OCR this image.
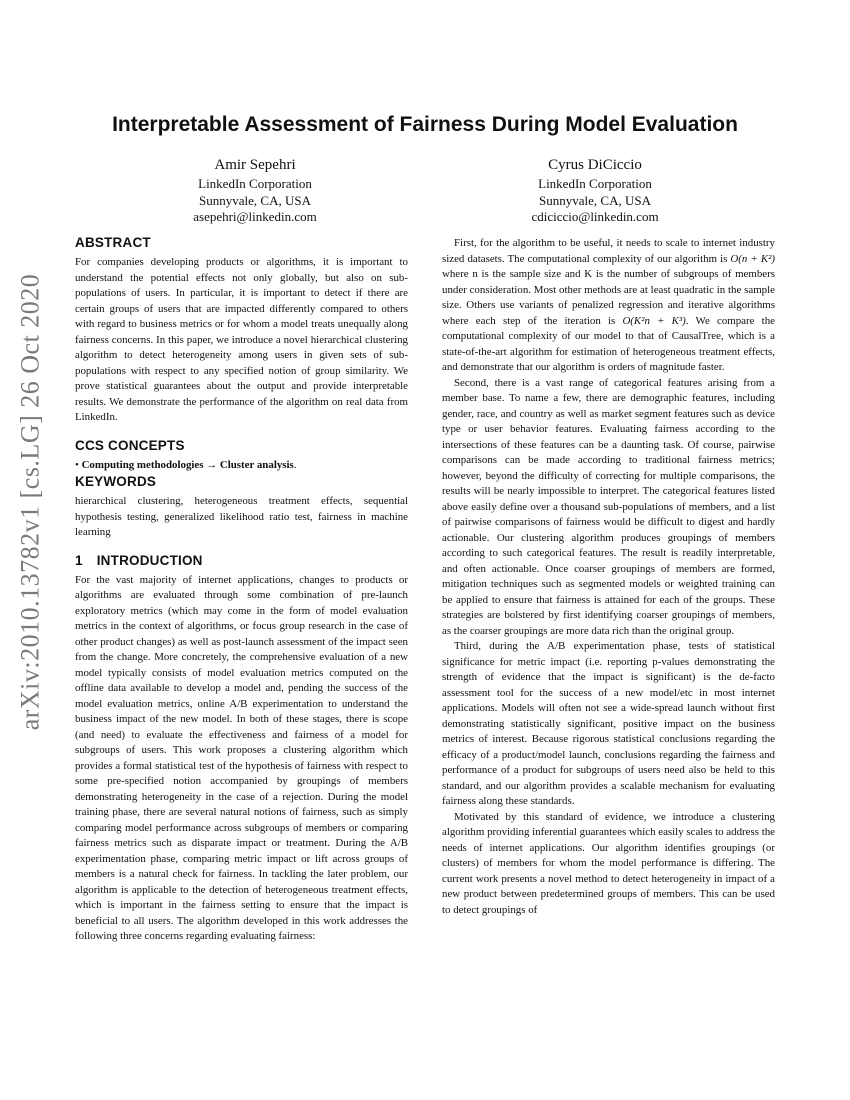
arXiv:2010.13782v1 [cs.LG] 26 Oct 2020
Interpretable Assessment of Fairness During Model Evaluation
Amir Sepehri
LinkedIn Corporation
Sunnyvale, CA, USA
asepehri@linkedin.com
Cyrus DiCiccio
LinkedIn Corporation
Sunnyvale, CA, USA
cdiciccio@linkedin.com
ABSTRACT

For companies developing products or algorithms, it is important to understand the potential effects not only globally, but also on sub-populations of users. In particular, it is important to detect if there are certain groups of users that are impacted differently compared to others with regard to business metrics or for whom a model treats unequally along fairness concerns. In this paper, we introduce a novel hierarchical clustering algorithm to detect heterogeneity among users in given sets of sub-populations with respect to any specified notion of group similarity. We prove statistical guarantees about the output and provide interpretable results. We demonstrate the performance of the algorithm on real data from LinkedIn.

CCS CONCEPTS

• Computing methodologies → Cluster analysis.

KEYWORDS

hierarchical clustering, heterogeneous treatment effects, sequential hypothesis testing, generalized likelihood ratio test, fairness in machine learning

1 INTRODUCTION

For the vast majority of internet applications, changes to products or algorithms are evaluated through some combination of pre-launch exploratory metrics (which may come in the form of model evaluation metrics in the context of algorithms, or focus group research in the case of other product changes) as well as post-launch assessment of the impact seen from the change. More concretely, the comprehensive evaluation of a new model typically consists of model evaluation metrics computed on the offline data available to develop a model and, pending the success of the model evaluation metrics, online A/B experimentation to understand the business impact of the new model. In both of these stages, there is scope (and need) to evaluate the effectiveness and fairness of a model for subgroups of users. This work proposes a clustering algorithm which provides a formal statistical test of the hypothesis of fairness with respect to some pre-specified notion accompanied by groupings of members demonstrating heterogeneity in the case of a rejection. During the model training phase, there are several natural notions of fairness, such as simply comparing model performance across subgroups of members or comparing fairness metrics such as disparate impact or treatment. During the A/B experimentation phase, comparing metric impact or lift across groups of members is a natural check for fairness. In tackling the later problem, our algorithm is applicable to the detection of heterogeneous treatment effects, which is important in the fairness setting to ensure that the impact is beneficial to all users. The algorithm developed in this work addresses the following three concerns regarding evaluating fairness:

First, for the algorithm to be useful, it needs to scale to internet industry sized datasets. The computational complexity of our algorithm is O(n + K²) where n is the sample size and K is the number of subgroups of members under consideration. Most other methods are at least quadratic in the sample size. Others use variants of penalized regression and iterative algorithms where each step of the iteration is O(K²n + K³). We compare the computational complexity of our model to that of CausalTree, which is a state-of-the-art algorithm for estimation of heterogeneous treatment effects, and demonstrate that our algorithm is orders of magnitude faster.

Second, there is a vast range of categorical features arising from a member base. To name a few, there are demographic features, including gender, race, and country as well as market segment features such as device type or user behavior features. Evaluating fairness according to the intersections of these features can be a daunting task. Of course, pairwise comparisons can be made according to traditional fairness metrics; however, beyond the difficulty of correcting for multiple comparisons, the results will be nearly impossible to interpret. The categorical features listed above easily define over a thousand sub-populations of members, and a list of pairwise comparisons of fairness would be difficult to digest and hardly actionable. Our clustering algorithm produces groupings of members according to such categorical features. The result is readily interpretable, and often actionable. Once coarser groupings of members are formed, mitigation techniques such as segmented models or weighted training can be applied to ensure that fairness is attained for each of the groups. These strategies are bolstered by first identifying coarser groupings of members, as the coarser groupings are more data rich than the original group.

Third, during the A/B experimentation phase, tests of statistical significance for metric impact (i.e. reporting p-values demonstrating the strength of evidence that the impact is significant) is the de-facto assessment tool for the success of a new model/etc in most internet applications. Models will often not see a wide-spread launch without first demonstrating statistically significant, positive impact on the business metrics of interest. Because rigorous statistical conclusions regarding the efficacy of a product/model launch, conclusions regarding the fairness and performance of a product for subgroups of users need also be held to this standard, and our algorithm provides a scalable mechanism for evaluating fairness along these standards.

Motivated by this standard of evidence, we introduce a clustering algorithm providing inferential guarantees which easily scales to address the needs of internet applications. Our algorithm identifies groupings (or clusters) of members for whom the model performance is differing. The current work presents a novel method to detect heterogeneity in impact of a new product between predetermined groups of members. This can be used to detect groupings of
